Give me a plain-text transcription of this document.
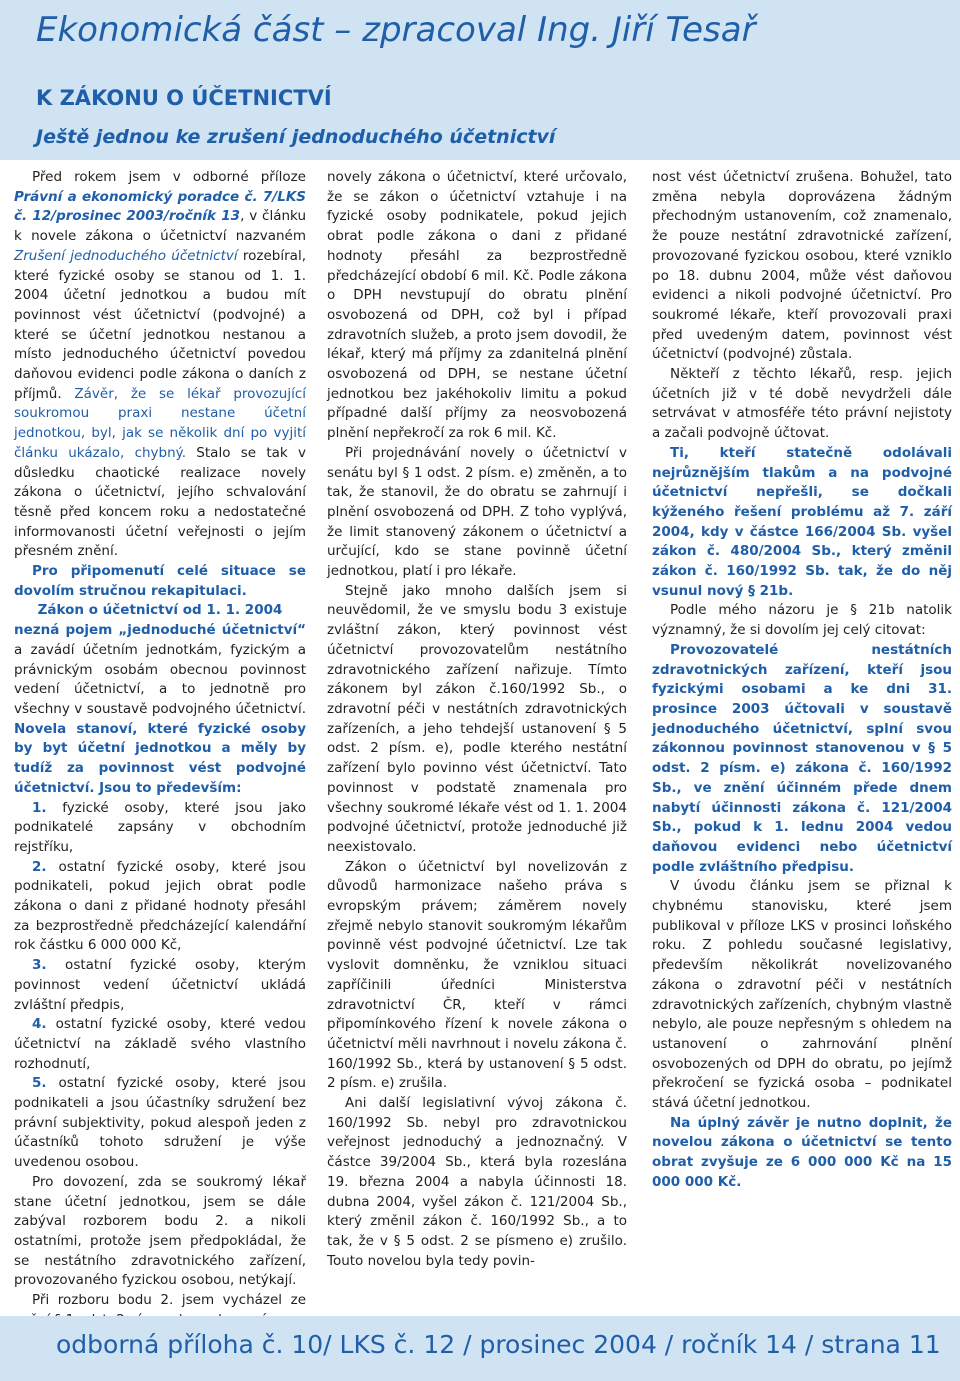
Ekonomická část – zpracoval Ing. Jiří Tesař
K ZÁKONU O ÚČETNICTVÍ
Ještě jednou ke zrušení jednoduchého účetnictví

Před rokem jsem v odborné příloze Právní a ekonomický poradce č. 7/LKS č. 12/prosinec 2003/ročník 13, v článku k novele zákona o účetnictví nazvaném Zrušení jednoduchého účetnictví rozebíral, které fyzické osoby se stanou od 1. 1. 2004 účetní jednotkou a budou mít povinnost vést účetnictví (podvojné) a které se účetní jednotkou nestanou a místo jednoduchého účetnictví povedou daňovou evidenci podle zákona o daních z příjmů. Závěr, že se lékař provozující soukromou praxi nestane účetní jednotkou, byl, jak se několik dní po vyjití článku ukázalo, chybný. Stalo se tak v důsledku chaotické realizace novely zákona o účetnictví, jejího schvalování těsně před koncem roku a nedostatečné informovanosti účetní veřejnosti o jejím přesném znění.

Pro připomenutí celé situace se dovolím stručnou rekapitulaci.

Zákon o účetnictví od 1. 1. 2004

nezná pojem „jednoduché účetnictví“ a zavádí účetním jednotkám, fyzickým a právnickým osobám obecnou povinnost vedení účetnictví, a to jednotně pro všechny v soustavě podvojného účetnictví. Novela stanoví, které fyzické osoby by byt účetní jednotkou a měly by tudíž za povinnost vést podvojné účetnictví. Jsou to především:

1. fyzické osoby, které jsou jako podnikatelé zapsány v obchodním rejstříku,

2. ostatní fyzické osoby, které jsou podnikateli, pokud jejich obrat podle zákona o dani z přidané hodnoty přesáhl za bezprostředně předcházející kalendářní rok částku 6 000 000 Kč,

3. ostatní fyzické osoby, kterým povinnost vedení účetnictví ukládá zvláštní předpis,

4. ostatní fyzické osoby, které vedou účetnictví na základě svého vlastního rozhodnutí,

5. ostatní fyzické osoby, které jsou podnikateli a jsou účastníky sdružení bez právní subjektivity, pokud alespoň jeden z účastníků tohoto sdružení je výše uvedenou osobou.

Pro dovození, zda se soukromý lékař stane účetní jednotkou, jsem se dále zabýval rozborem bodu 2. a nikoli ostatními, protože jsem předpokládal, že se nestátního zdravotnického zařízení, provozovaného fyzickou osobou, netýkají.

Při rozboru bodu 2. jsem vycházel ze

novely zákona o účetnictví, které určovalo, že se zákon o účetnictví vztahuje i na fyzické osoby podnikatele, pokud jejich obrat podle zákona o dani z přidané hodnoty přesáhl za bezprostředně předcházející období 6 mil. Kč. Podle zákona o DPH nevstupují do obratu plnění osvobozená od DPH, což byl i případ zdravotních služeb, a proto jsem dovodil, že lékař, který má příjmy za zdanitelná plnění osvobozená od DPH, se nestane účetní jednotkou bez jakéhokoliv limitu a pokud případné další příjmy za neosvobozená plnění nepřekročí za rok 6 mil. Kč.

Při projednávání novely o účetnictví v senátu byl § 1 odst. 2 písm. e) změněn, a to tak, že stanovil, že do obratu se zahrnují i plnění osvobozená od DPH. Z toho vyplývá, že limit stanovený zákonem o účetnictví a určující, kdo se stane povinně účetní jednotkou, platí i pro lékaře.

Stejně jako mnoho dalších jsem si neuvědomil, že ve smyslu bodu 3 existuje zvláštní zákon, který povinnost vést účetnictví provozovatelům nestátního zdravotnického zařízení nařizuje. Tímto zákonem byl zákon č.160/1992 Sb., o zdravotní péči v nestátních zdravotnických zařízeních, a jeho tehdejší ustanovení § 5 odst. 2 písm. e), podle kterého nestátní zařízení bylo povinno vést účetnictví. Tato povinnost v podstatě znamenala pro všechny soukromé lékaře vést od 1. 1. 2004 podvojné účetnictví, protože jednoduché již neexistovalo.

Zákon o účetnictví byl novelizován z důvodů harmonizace našeho práva s evropským právem; záměrem novely zřejmě nebylo stanovit soukromým lékařům povinně vést podvojné účetnictví. Lze tak vyslovit domněnku, že vzniklou situaci zapříčinili úředníci Ministerstva zdravotnictví ČR, kteří v rámci připomínkového řízení k novele zákona o účetnictví měli navrhnout i novelu zákona č. 160/1992 Sb., která by ustanovení § 5 odst. 2 písm. e) zrušila.

Ani další legislativní vývoj zákona č. 160/1992 Sb. nebyl pro zdravotnickou veřejnost jednoduchý a jednoznačný. V částce 39/2004 Sb., která byla rozeslána 19. března 2004 a nabyla účinnosti 18. dubna 2004, vyšel zákon č. 121/2004 Sb., který změnil zákon č. 160/1992 Sb., a to tak, že v § 5 odst. 2 se písmeno e) zrušilo. Touto novelou byla tedy povin-

nost vést účetnictví zrušena. Bohužel, tato změna nebyla doprovázena žádným přechodným ustanovením, což znamenalo, že pouze nestátní zdravotnické zařízení, provozované fyzickou osobou, které vzniklo po 18. dubnu 2004, může vést daňovou evidenci a nikoli podvojné účetnictví. Pro soukromé lékaře, kteří provozovali praxi před uvedeným datem, povinnost vést účetnictví (podvojné) zůstala.

Někteří z těchto lékařů, resp. jejich účetních již v té době nevydrželi dále setrvávat v atmosféře této právní nejistoty a začali podvojně účtovat.

Ti, kteří statečně odolávali nejrůznějším tlakům a na podvojné účetnictví nepřešli, se dočkali kýženého řešení problému až 7. září 2004, kdy v částce 166/2004 Sb. vyšel zákon č. 480/2004 Sb., který změnil zákon č. 160/1992 Sb. tak, že do něj vsunul nový § 21b.

Podle mého názoru je § 21b natolik významný, že si dovolím jej celý citovat:

Provozovatelé nestátních zdravotnických zařízení, kteří jsou fyzickými osobami a ke dni 31. prosince 2003 účtovali v soustavě jednoduchého účetnictví, splní svou zákonnou povinnost stanovenou v § 5 odst. 2 písm. e) zákona č. 160/1992 Sb., ve znění účinném přede dnem nabytí účinnosti zákona č. 121/2004 Sb., pokud k 1. lednu 2004 vedou daňovou evidenci nebo účetnictví podle zvláštního předpisu.

V úvodu článku jsem se přiznal k chybnému stanovisku, které jsem publikoval v příloze LKS v prosinci loňského roku. Z pohledu současné legislativy, především několikrát novelizovaného zákona o zdravotní péči v nestátních zdravotnických zařízeních, chybným vlastně nebylo, ale pouze nepřesným s ohledem na ustanovení o zahrnování plnění osvobozených od DPH do obratu, po jejímž překročení se fyzická osoba – podnikatel stává účetní jednotkou.

Na úplný závěr je nutno doplnit, že novelou zákona o účetnictví se tento obrat zvyšuje ze 6 000 000 Kč na 15 000 000 Kč.

odborná příloha č. 10/ LKS č. 12 / prosinec 2004 / ročník 14 / strana 11
